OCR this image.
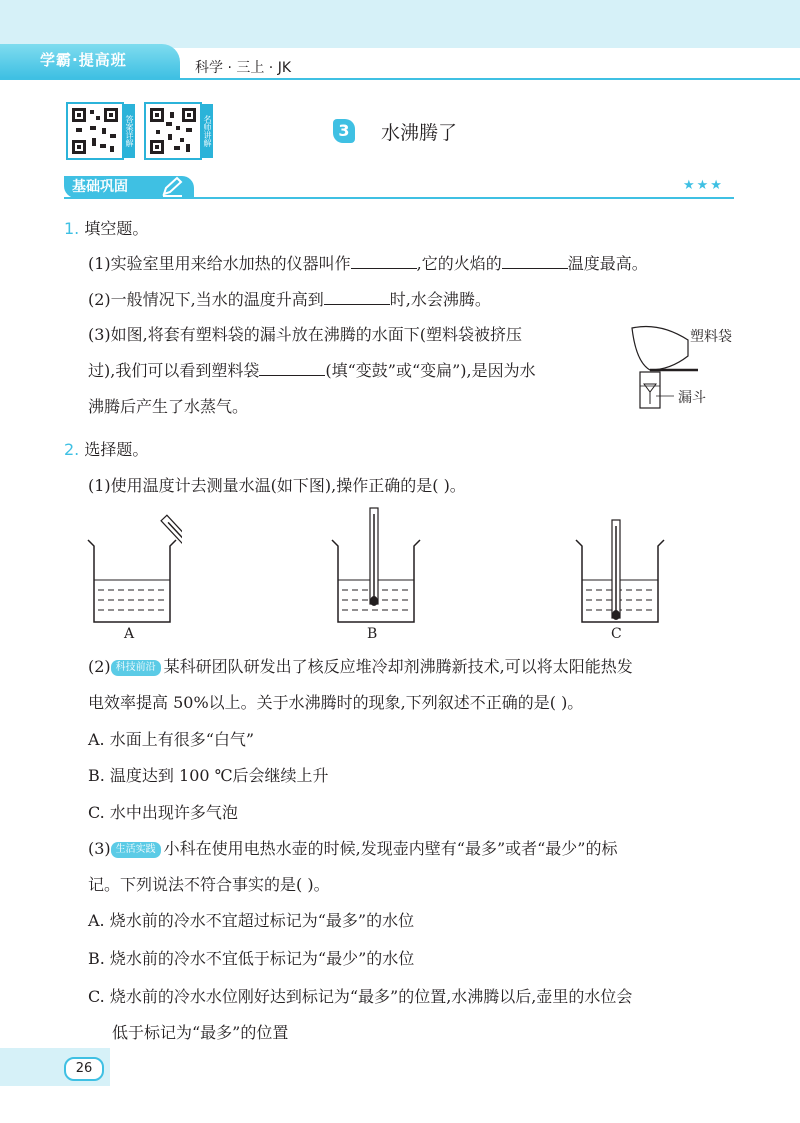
学霸·提高班	科学 · 三上 · JK
答案详解	名师讲解	3 水沸腾了
基础巩固	★★★
1. 填空题。
(1)实验室里用来给水加热的仪器叫作	,它的火焰的	温度最高。
(2)一般情况下,当水的温度升高到	时,水会沸腾。
(3)如图,将套有塑料袋的漏斗放在沸腾的水面下(塑料袋被挤压
过),我们可以看到塑料袋	(填“变鼓”或“变扁”),是因为水
沸腾后产生了水蒸气。
塑料袋
漏斗
2. 选择题。
(1)使用温度计去测量水温(如下图),操作正确的是( )。
A	B	C
(2) 科技前沿 某科研团队研发出了核反应堆冷却剂沸腾新技术,可以将太阳能热发
电效率提高 50%以上。关于水沸腾时的现象,下列叙述不正确的是( )。
A. 水面上有很多“白气”
B. 温度达到 100 ℃后会继续上升
C. 水中出现许多气泡
(3) 生活实践 小科在使用电热水壶的时候,发现壶内壁有“最多”或者“最少”的标
记。下列说法不符合事实的是( )。
A. 烧水前的冷水不宜超过标记为“最多”的水位
B. 烧水前的冷水不宜低于标记为“最少”的水位
C. 烧水前的冷水水位刚好达到标记为“最多”的位置,水沸腾以后,壶里的水位会
低于标记为“最多”的位置
26
